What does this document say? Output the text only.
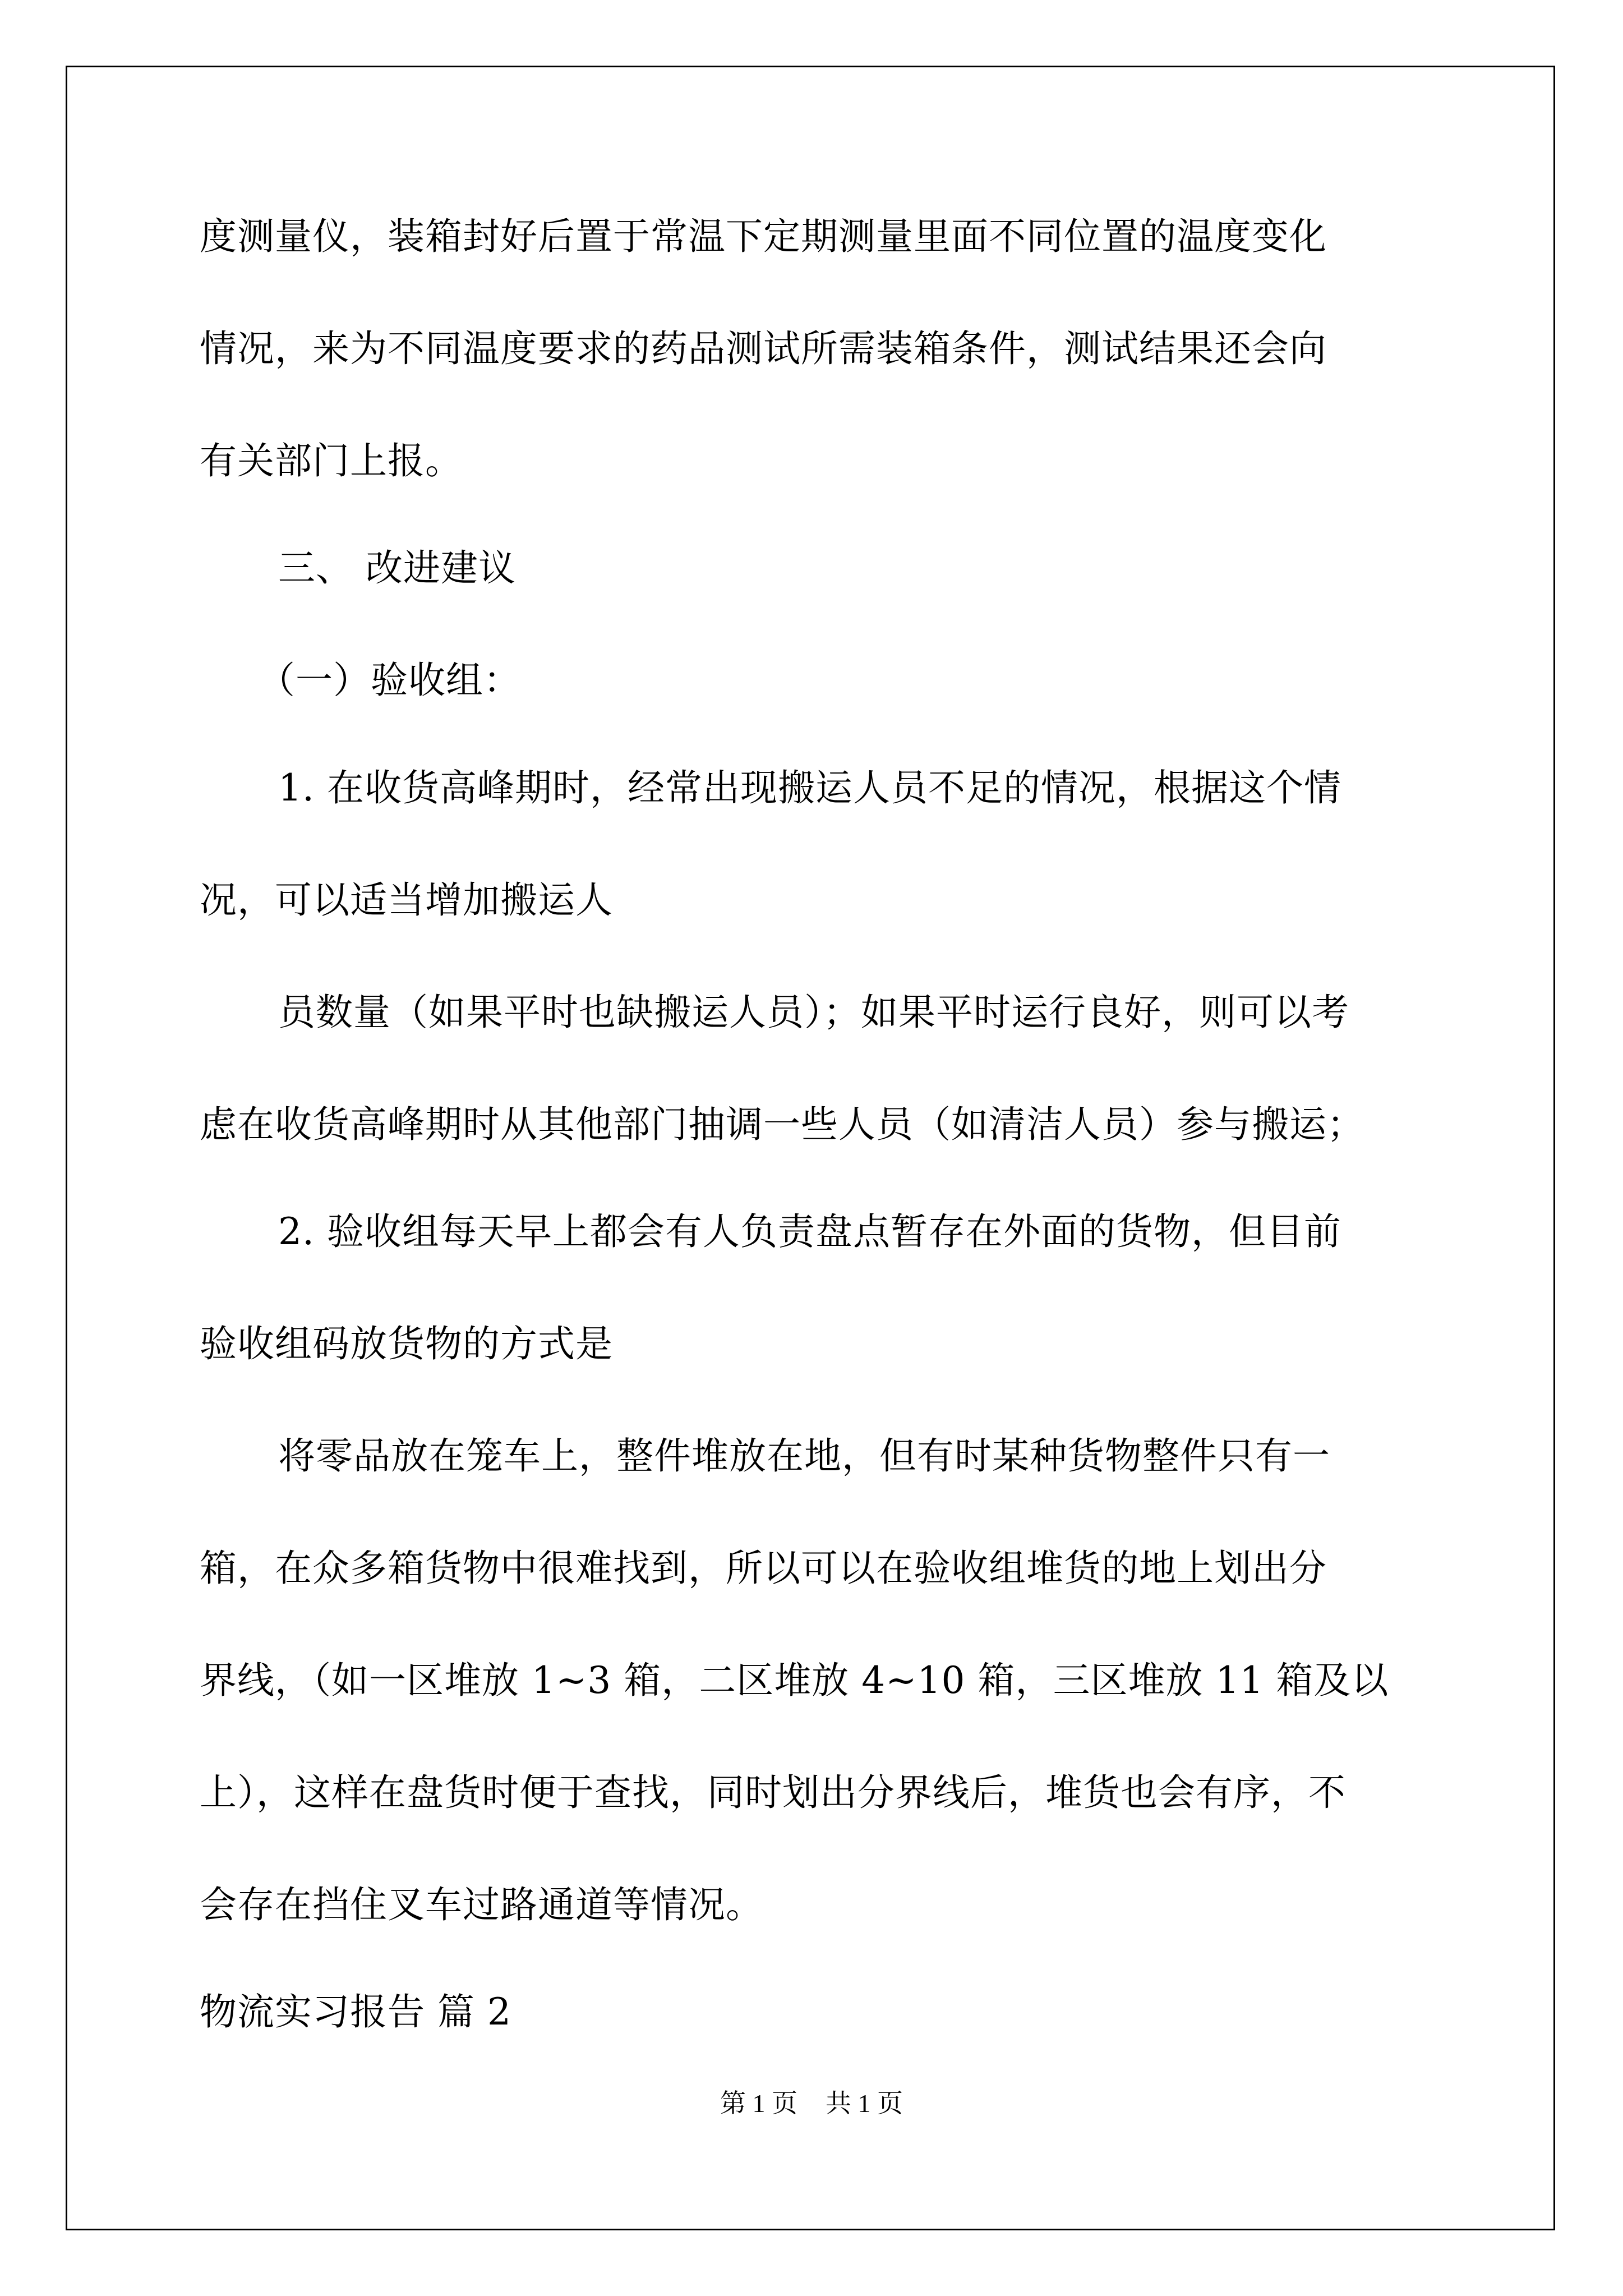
度测量仪，装箱封好后置于常温下定期测量里面不同位置的温度变化
情况，来为不同温度要求的药品测试所需装箱条件，测试结果还会向
有关部门上报。
三、 改进建议
（一）验收组：
1. 在收货高峰期时，经常出现搬运人员不足的情况，根据这个情
况，可以适当增加搬运人
员数量（如果平时也缺搬运人员）；如果平时运行良好，则可以考
虑在收货高峰期时从其他部门抽调一些人员（如清洁人员）参与搬运；
2. 验收组每天早上都会有人负责盘点暂存在外面的货物，但目前
验收组码放货物的方式是
将零品放在笼车上，整件堆放在地，但有时某种货物整件只有一
箱，在众多箱货物中很难找到，所以可以在验收组堆货的地上划出分
界线，（如一区堆放 1~3 箱，二区堆放 4~10 箱，三区堆放 11 箱及以
上），这样在盘货时便于查找，同时划出分界线后，堆货也会有序，不
会存在挡住叉车过路通道等情况。
物流实习报告 篇 2
第 1 页 共 1 页
